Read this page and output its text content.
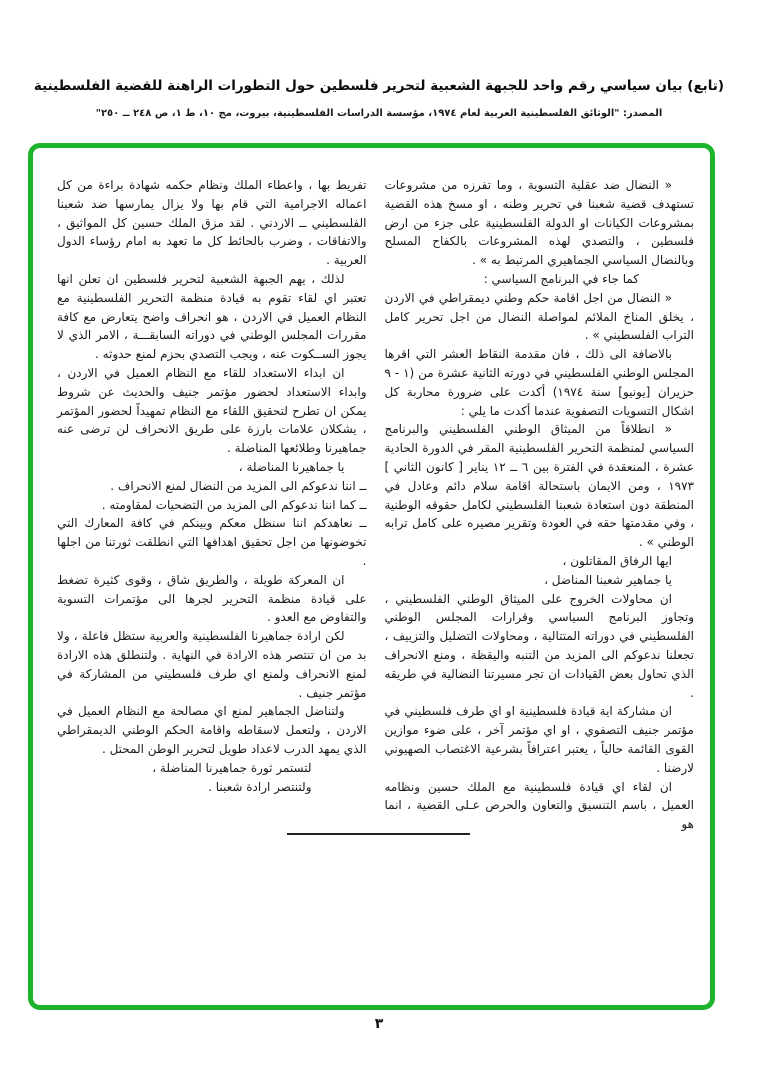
(تابع) بيان سياسي رقم واحد للجبهة الشعبية لتحرير فلسطين حول التطورات الراهنة للقضية الفلسطينية
المصدر: "الوثائق الفلسطينية العربية لعام ١٩٧٤، مؤسسة الدراسات الفلسطينية، بيروت، مج ١٠، ط ١، ص ٢٤٨ ــ ٢٥٠"

« النضال ضد عقلية التسوية ، وما تفرزه من مشروعات تستهدف قضية شعبنا في تحرير وطنه ، او مسخ هذه القضية بمشروعات الكيانات او الدولة الفلسطينية على جزء من ارض فلسطين ، والتصدي لهذه المشروعات بالكفاح المسلح وبالنضال السياسي الجماهيري المرتبط به » .

كما جاء في البرنامج السياسي :

« النضال من اجل اقامة حكم وطني ديمقراطي في الاردن ، يخلق المناخ الملائم لمواصلة النضال من اجل تحرير كامل التراب الفلسطيني » .

بالاضافة الى ذلك ، فان مقدمة النقاط العشر التي اقرها المجلس الوطني الفلسطيني في دورته الثانية عشرة من (١ - ٩ حزيران [يونيو] سنة ١٩٧٤) أكدت على ضرورة محاربة كل اشكال التسويات التصفوية عندما أكدت ما يلي :

« انطلاقاً من الميثاق الوطني الفلسطيني والبرنامج السياسي لمنظمة التحرير الفلسطينية المقر في الدورة الحادية عشرة ، المنعقدة في الفترة بين ٦ ــ ١٢ يناير [ كانون الثاني ] ١٩٧٣ ، ومن الايمان باستحالة اقامة سلام دائم وعادل في المنطقة دون استعادة شعبنا الفلسطيني لكامل حقوقه الوطنية ، وفي مقدمتها حقه في العودة وتقرير مصيره على كامل ترابه الوطني » .

ايها الرفاق المقاتلون ،

يا جماهير شعبنا المناضل ،

ان محاولات الخروج على الميثاق الوطني الفلسطيني ، وتجاوز البرنامج السياسي وقرارات المجلس الوطني الفلسطيني في دوراته المتتالية ، ومحاولات التضليل والتزييف ، تجعلنا ندعوكم الى المزيد من التنبه واليقظة ، ومنع الانحراف الذي تحاول بعض القيادات ان تجر مسيرتنا النضالية في طريقه .

ان مشاركة اية قيادة فلسطينية او اي طرف فلسطيني في مؤتمر جنيف التصفوي ، او اي مؤتمر آخر ، على ضوء موازين القوى القائمة حالياً ، يعتبر اعترافاً بشرعية الاغتصاب الصهيوني لارضنا .

ان لقاء اي قيادة فلسطينية مع الملك حسين ونظامه العميل ، باسم التنسيق والتعاون والحرص عـلى القضية ، انما هو

تفريط بها ، واعطاء الملك ونظام حكمه شهادة براءة من كل اعماله الاجرامية التي قام بها ولا يزال يمارسها ضد شعبنا الفلسطيني ــ الاردني . لقد مزق الملك حسين كل المواثيق ، والاتفاقات ، وضرب بالحائط كل ما تعهد به امام رؤساء الدول العربية .

لذلك ، يهم الجبهة الشعبية لتحرير فلسطين ان تعلن انها تعتبر اي لقاء تقوم به قيادة منظمة التحرير الفلسطينية مع النظام العميل في الاردن ، هو انحراف واضح يتعارض مع كافة مقررات المجلس الوطني في دوراته السابقـــة ، الامر الذي لا يجوز الســكوت عنه ، ويجب التصدي بحزم لمنع حدوثه .

ان ابداء الاستعداد للقاء مع النظام العميل في الاردن ، وابداء الاستعداد لحضور مؤتمر جنيف والحديث عن شروط يمكن ان تطرح لتحقيق اللقاء مع النظام تمهيداً لحضور المؤتمر ، يشكلان علامات بارزة على طريق الانحراف لن ترضى عنه جماهيرنا وطلائعها المناضلة .

يا جماهيرنا المناضلة ،

ــ اننا ندعوكم الى المزيد من النضال لمنع الانحراف .

ــ كما اننا ندعوكم الى المزيد من التضحيات لمقاومته .

ــ نعاهدكم اننا سنظل معكم وبينكم في كافة المعارك التي تخوضونها من اجل تحقيق اهدافها التي انطلقت ثورتنا من اجلها .

ان المعركة طويلة ، والطريق شاق ، وقوى كثيرة تضغط على قيادة منظمة التحرير لجرها الى مؤتمرات التسوية والتفاوض مع العدو .

لكن ارادة جماهيرنا الفلسطينية والعربية ستظل فاعلة ، ولا بد من ان تنتصر هذه الارادة في النهاية . ولتنطلق هذه الارادة لمنع الانحراف ولمنع اي طرف فلسطيني من المشاركة في مؤتمر جنيف .

ولتناضل الجماهير لمنع اي مصالحة مع النظام العميل في الاردن ، ولتعمل لاسقاطه واقامة الحكم الوطني الديمقراطي الذي يمهد الدرب لاعداد طويل لتحرير الوطن المحتل .

لتستمر ثورة جماهيرنا المناضلة ،

ولتنتصر ارادة شعبنا .

٣
